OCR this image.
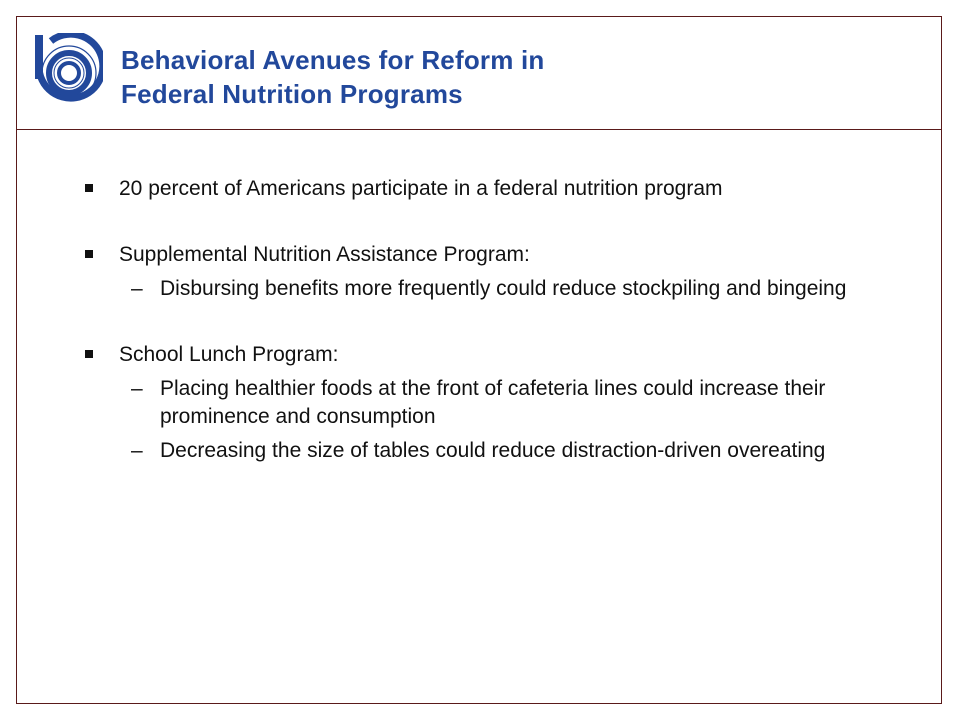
Behavioral Avenues for Reform in
Federal Nutrition Programs
20 percent of Americans participate in a federal nutrition program
Supplemental Nutrition Assistance Program:
– Disbursing benefits more frequently could reduce stockpiling and bingeing
School Lunch Program:
– Placing healthier foods at the front of cafeteria lines could increase their prominence and consumption
– Decreasing the size of tables could reduce distraction-driven overeating
